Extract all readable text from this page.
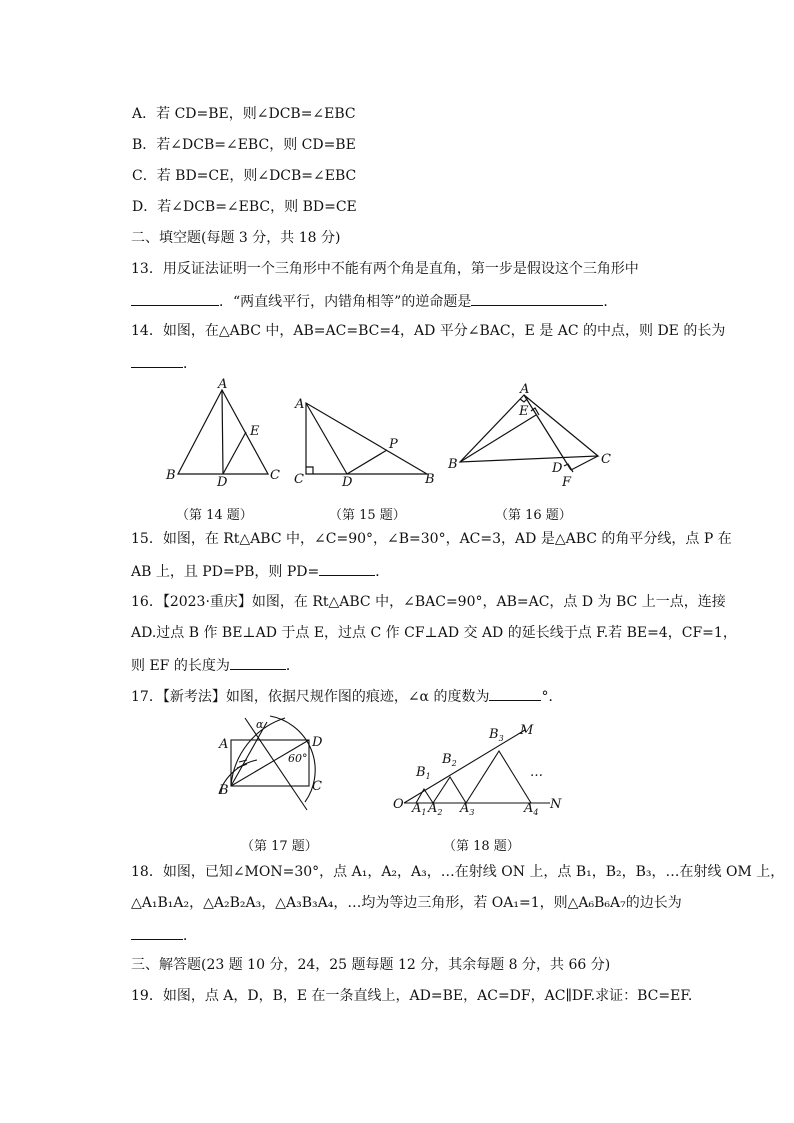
A．若 CD=BE，则∠DCB=∠EBC
B．若∠DCB=∠EBC，则 CD=BE
C．若 BD=CE，则∠DCB=∠EBC
D．若∠DCB=∠EBC，则 BD=CE
二、填空题(每题 3 分，共 18 分)
13．用反证法证明一个三角形中不能有两个角是直角，第一步是假设这个三角形中
．“两直线平行，内错角相等”的逆命题是	．
14．如图，在△ABC 中，AB=AC=BC=4，AD 平分∠BAC，E 是 AC 的中点，则 DE 的长为
．
A
B	C
D
E
（第 14 题）
A
C	D
P
B
（第 15 题）
A
E
B	C
D
F
（第 16 题）
15．如图，在 Rt△ABC 中，∠C=90°，∠B=30°，AC=3，AD 是△ABC 的角平分线，点 P 在
AB 上，且 PD=PB，则 PD=	．
16．【2023·重庆】如图，在 Rt△ABC 中，∠BAC=90°，AB=AC，点 D 为 BC 上一点，连接
AD.过点 B 作 BE⊥AD 于点 E，过点 C 作 CF⊥AD 交 AD 的延长线于点 F.若 BE=4，CF=1，
则 EF 的长度为	．
17．【新考法】如图，依据尺规作图的痕迹，∠α 的度数为	°．
A
B	C
D
α
60°
（第 17 题）
O
M
N
$B_1$
$B_2$
$B_3$
$A_1$ $A_2$ $A_3$	$A_4$
…
（第 18 题）
18．如图，已知∠MON=30°，点 A₁，A₂，A₃，…在射线 ON 上，点 B₁，B₂，B₃，…在射线 OM 上，
△A₁B₁A₂，△A₂B₂A₃，△A₃B₃A₄，…均为等边三角形，若 OA₁=1，则△A₆B₆A₇的边长为
．
三、解答题(23 题 10 分，24，25 题每题 12 分，其余每题 8 分，共 66 分)
19．如图，点 A，D，B，E 在一条直线上，AD=BE，AC=DF，AC∥DF.求证：BC=EF.
